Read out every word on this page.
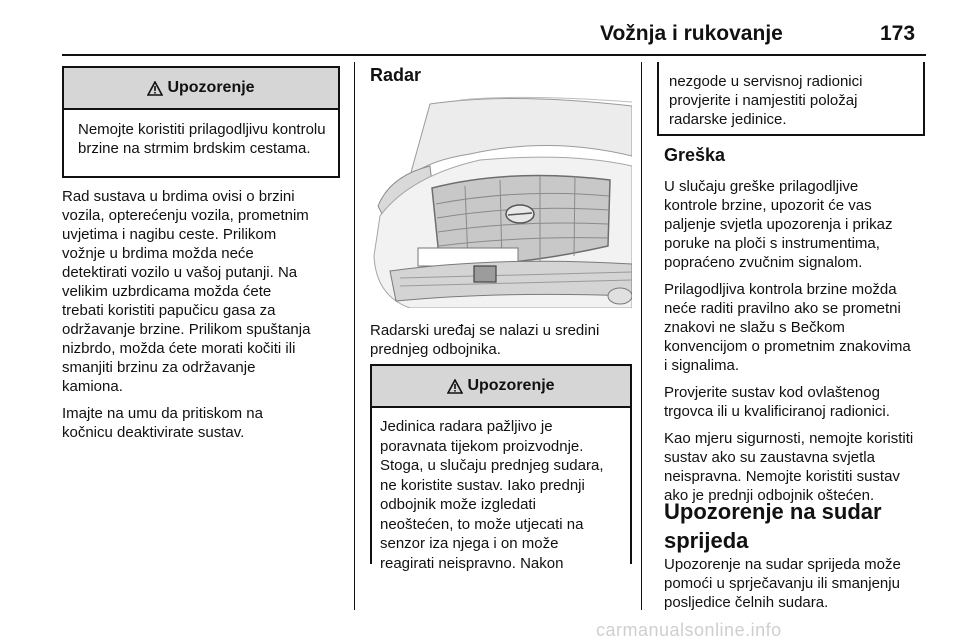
Vožnja i rukovanje	173
Upozorenje
Nemojte koristiti prilagodljivu kontrolu brzine na strmim brdskim cestama.

Rad sustava u brdima ovisi o brzini
vozila, opterećenju vozila, prometnim
uvjetima i nagibu ceste. Prilikom
vožnje u brdima možda neće
detektirati vozilo u vašoj putanji. Na
velikim uzbrdicama možda ćete
trebati koristiti papučicu gasa za
održavanje brzine. Prilikom spuštanja
nizbrdo, možda ćete morati kočiti ili
smanjiti brzinu za održavanje
kamiona.

Imajte na umu da pritiskom na
kočnicu deaktivirate sustav.

Radar
Radarski uređaj se nalazi u sredini
prednjeg odbojnika.
Upozorenje
Jedinica radara pažljivo je
poravnata tijekom proizvodnje.
Stoga, u slučaju prednjeg sudara,
ne koristite sustav. Iako prednji
odbojnik može izgledati
neoštećen, to može utjecati na
senzor iza njega i on može
reagirati neispravno. Nakon
nezgode u servisnoj radionici
provjerite i namjestiti položaj
radarske jedinice.
Greška

U slučaju greške prilagodljive
kontrole brzine, upozorit će vas
paljenje svjetla upozorenja i prikaz
poruke na ploči s instrumentima,
popraćeno zvučnim signalom.

Prilagodljiva kontrola brzine možda
neće raditi pravilno ako se prometni
znakovi ne slažu s Bečkom
konvencijom o prometnim znakovima
i signalima.

Provjerite sustav kod ovlaštenog
trgovca ili u kvalificiranoj radionici.

Kao mjeru sigurnosti, nemojte koristiti
sustav ako su zaustavna svjetla
neispravna. Nemojte koristiti sustav
ako je prednji odbojnik oštećen.

Upozorenje na sudar
sprijeda
Upozorenje na sudar sprijeda može
pomoći u sprječavanju ili smanjenju
posljedice čelnih sudara.
carmanualsonline.info
